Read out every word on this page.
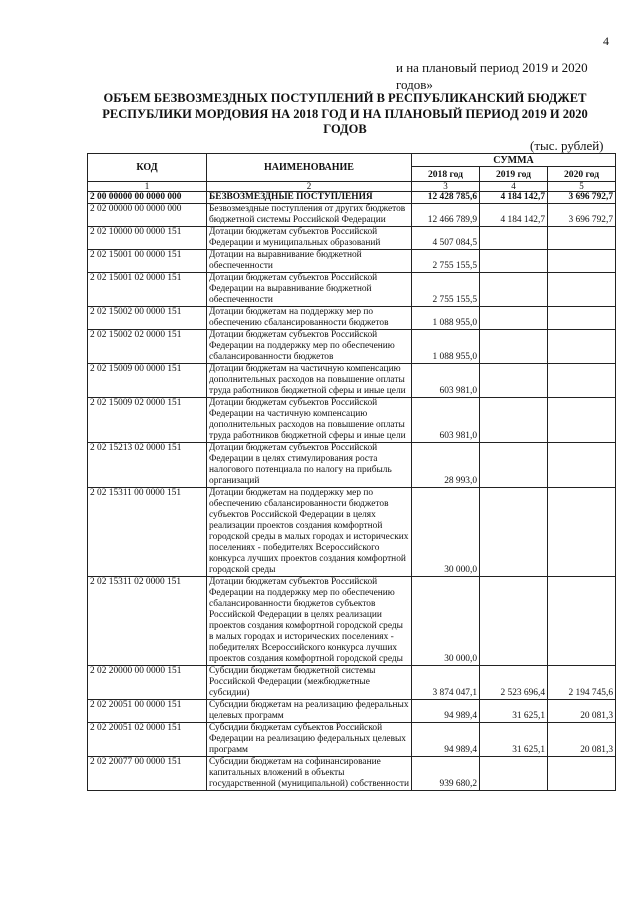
4
и на плановый период 2019 и 2020 годов»
ОБЪЕМ БЕЗВОЗМЕЗДНЫХ ПОСТУПЛЕНИЙ В РЕСПУБЛИКАНСКИЙ БЮДЖЕТ РЕСПУБЛИКИ МОРДОВИЯ НА 2018 ГОД И НА ПЛАНОВЫЙ ПЕРИОД 2019 И 2020 ГОДОВ
(тыс. рублей)
КОД	НАИМЕНОВАНИЕ	СУММА		
		2018 год	2019 год	2020 год
1	2	3	4	5
2 00 00000 00 0000 000	БЕЗВОЗМЕЗДНЫЕ ПОСТУПЛЕНИЯ	12 428 785,6	4 184 142,7	3 696 792,7
2 02 00000 00 0000 000	Безвозмездные поступления от других бюджетов бюджетной системы Российской Федерации	12 466 789,9	4 184 142,7	3 696 792,7
2 02 10000 00 0000 151	Дотации бюджетам субъектов Российской Федерации и муниципальных образований	4 507 084,5		
2 02 15001 00 0000 151	Дотации на выравнивание бюджетной обеспеченности	2 755 155,5		
2 02 15001 02 0000 151	Дотации бюджетам субъектов Российской Федерации на выравнивание бюджетной обеспеченности	2 755 155,5		
2 02 15002 00 0000 151	Дотации бюджетам на поддержку мер по обеспечению сбалансированности бюджетов	1 088 955,0		
2 02 15002 02 0000 151	Дотации бюджетам субъектов Российской Федерации на поддержку мер по обеспечению сбалансированности бюджетов	1 088 955,0		
2 02 15009 00 0000 151	Дотации бюджетам на частичную компенсацию дополнительных расходов на повышение оплаты труда работников бюджетной сферы и иные цели	603 981,0		
2 02 15009 02 0000 151	Дотации бюджетам субъектов Российской Федерации на частичную компенсацию дополнительных расходов на повышение оплаты труда работников бюджетной сферы и иные цели	603 981,0		
2 02 15213 02 0000 151	Дотации бюджетам субъектов Российской Федерации в целях стимулирования роста налогового потенциала по налогу на прибыль организаций	28 993,0		
2 02 15311 00 0000 151	Дотации бюджетам на поддержку мер по обеспечению сбалансированности бюджетов субъектов Российской Федерации в целях реализации проектов создания комфортной городской среды в малых городах и исторических поселениях - победителях Всероссийского конкурса лучших проектов создания комфортной городской среды	30 000,0		
2 02 15311 02 0000 151	Дотации бюджетам субъектов Российской Федерации на поддержку мер по обеспечению сбалансированности бюджетов субъектов Российской Федерации в целях реализации проектов создания комфортной городской среды в малых городах и исторических поселениях - победителях Всероссийского конкурса лучших проектов создания комфортной городской среды	30 000,0		
2 02 20000 00 0000 151	Субсидии бюджетам бюджетной системы Российской Федерации (межбюджетные субсидии)	3 874 047,1	2 523 696,4	2 194 745,6
2 02 20051 00 0000 151	Субсидии бюджетам на реализацию федеральных целевых программ	94 989,4	31 625,1	20 081,3
2 02 20051 02 0000 151	Субсидии бюджетам субъектов Российской Федерации на реализацию федеральных целевых программ	94 989,4	31 625,1	20 081,3
2 02 20077 00 0000 151	Субсидии бюджетам на софинансирование капитальных вложений в объекты государственной (муниципальной) собственности	939 680,2		
